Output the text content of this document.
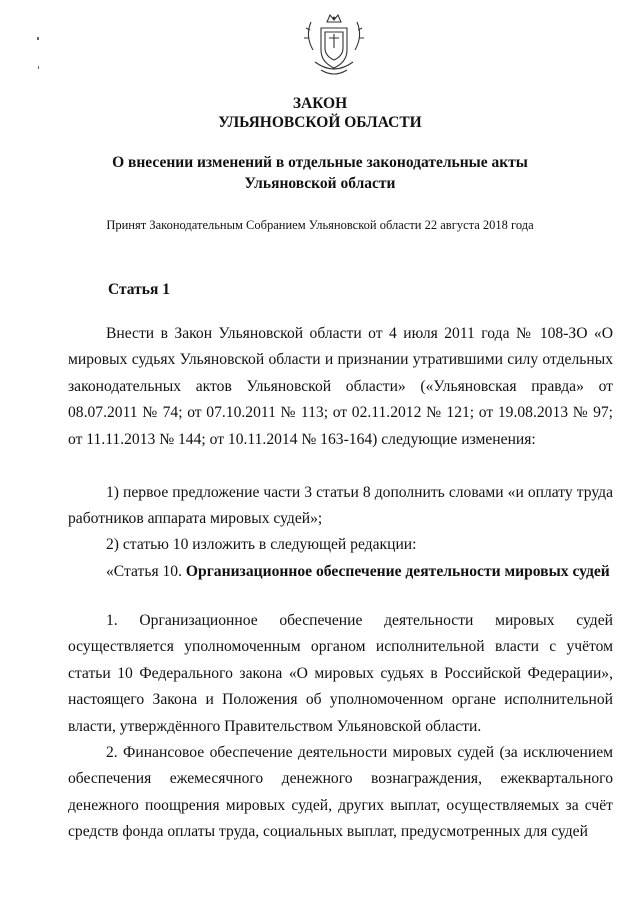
ЗАКОН
УЛЬЯНОВСКОЙ ОБЛАСТИ
О внесении изменений в отдельные законодательные акты
Ульяновской области
Принят Законодательным Собранием Ульяновской области 22 августа 2018 года
Статья 1
Внести в Закон Ульяновской области от 4 июля 2011 года № 108-ЗО «О мировых судьях Ульяновской области и признании утратившими силу отдельных законодательных актов Ульяновской области» («Ульяновская правда» от 08.07.2011 № 74; от 07.10.2011 № 113; от 02.11.2012 № 121; от 19.08.2013 № 97; от 11.11.2013 № 144; от 10.11.2014 № 163-164) следующие изменения:
1) первое предложение части 3 статьи 8 дополнить словами «и оплату труда работников аппарата мировых судей»;
2) статью 10 изложить в следующей редакции:
«Статья 10. Организационное обеспечение деятельности мировых судей
1. Организационное обеспечение деятельности мировых судей осуществляется уполномоченным органом исполнительной власти с учётом статьи 10 Федерального закона «О мировых судьях в Российской Федерации», настоящего Закона и Положения об уполномоченном органе исполнительной власти, утверждённого Правительством Ульяновской области.
2. Финансовое обеспечение деятельности мировых судей (за исключением обеспечения ежемесячного денежного вознаграждения, ежеквартального денежного поощрения мировых судей, других выплат, осуществляемых за счёт средств фонда оплаты труда, социальных выплат, предусмотренных для судей
